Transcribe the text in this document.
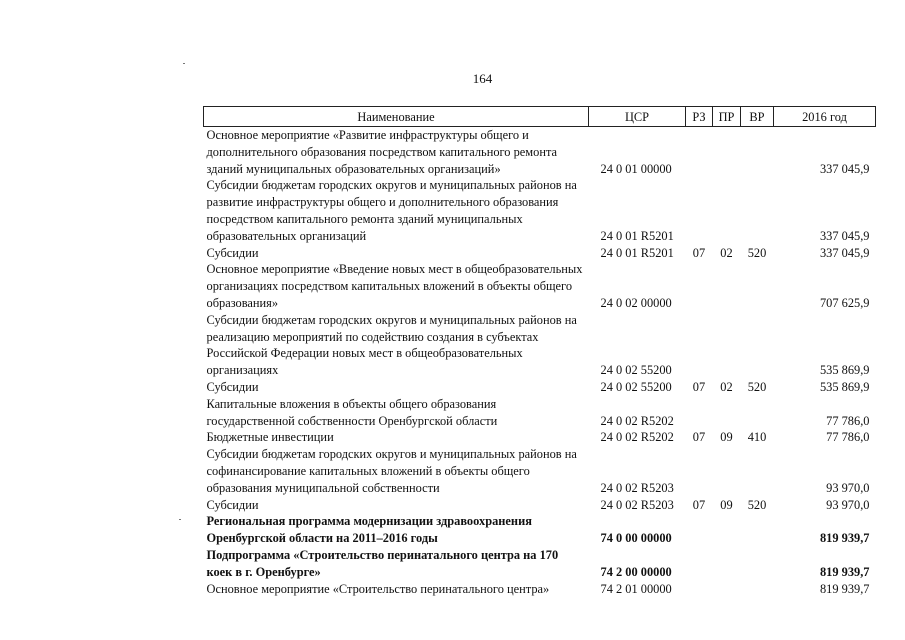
164
Наименование	ЦСР	РЗ	ПР	ВР	2016 год
Основное мероприятие «Развитие инфраструктуры общего и дополнительного образования посредством капитального ремонта зданий муниципальных образовательных организаций»	24 0 01 00000				337 045,9
Субсидии бюджетам городских округов и муниципальных районов на развитие инфраструктуры общего и дополнительного образования посредством капитального ремонта зданий муниципальных образовательных организаций	24 0 01 R5201				337 045,9
Субсидии	24 0 01 R5201	07	02	520	337 045,9
Основное мероприятие «Введение новых мест в общеобразовательных организациях посредством капитальных вложений в объекты общего образования»	24 0 02 00000				707 625,9
Субсидии бюджетам городских округов и муниципальных районов на реализацию мероприятий по содействию создания в субъектах Российской Федерации новых мест в общеобразовательных организациях	24 0 02 55200				535 869,9
Субсидии	24 0 02 55200	07	02	520	535 869,9
Капитальные вложения в объекты общего образования государственной собственности Оренбургской области	24 0 02 R5202				77 786,0
Бюджетные инвестиции	24 0 02 R5202	07	09	410	77 786,0
Субсидии бюджетам городских округов и муниципальных районов на софинансирование капитальных вложений в объекты общего образования муниципальной собственности	24 0 02 R5203				93 970,0
Субсидии	24 0 02 R5203	07	09	520	93 970,0
Региональная программа модернизации здравоохранения Оренбургской области на 2011–2016 годы	74 0 00 00000				819 939,7
Подпрограмма «Строительство перинатального центра на 170 коек в г. Оренбурге»	74 2 00 00000				819 939,7
Основное мероприятие «Строительство перинатального центра»	74 2 01 00000				819 939,7
